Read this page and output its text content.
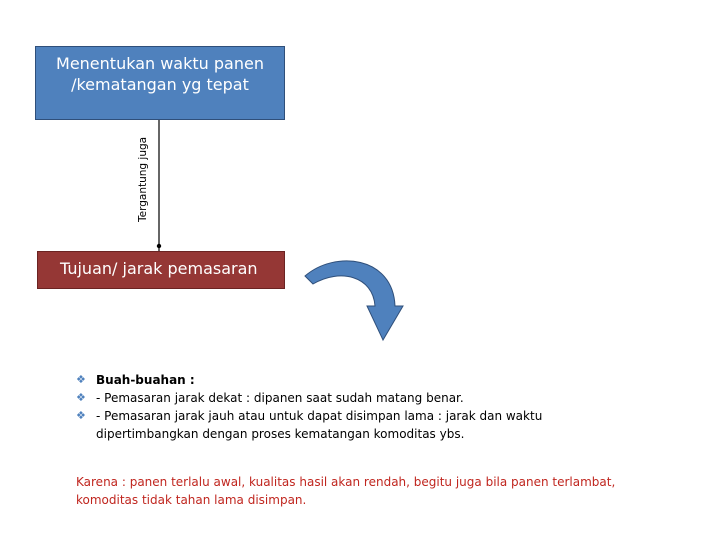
Menentukan waktu panen
/kematangan yg tepat
Tergantung juga
Tujuan/ jarak pemasaran
❖ Buah-buahan :
❖ - Pemasaran jarak dekat : dipanen saat sudah matang benar.
❖ - Pemasaran jarak jauh atau untuk dapat disimpan lama : jarak dan waktu dipertimbangkan dengan proses kematangan komoditas ybs.
Karena : panen terlalu awal, kualitas hasil akan rendah, begitu juga bila panen terlambat, komoditas tidak tahan lama disimpan.
